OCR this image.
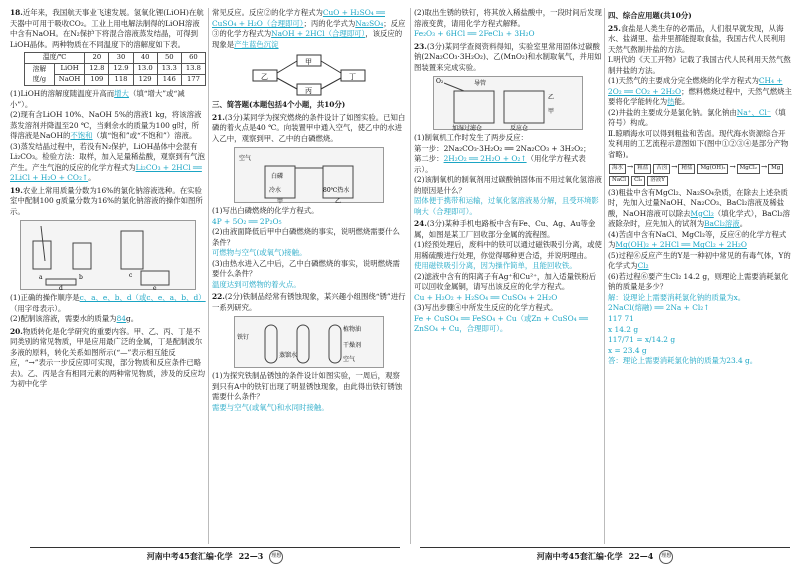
18.近年来，我国航天事业飞速发展。氢氧化锂(LiOH)在航天器中可用于吸收CO₂。工业上用电解法制得的LiOH溶液中含有NaOH。在N₂保护下将混合溶液蒸发结晶，可得到LiOH晶体。两种物质在不同温度下的溶解度如下表。
温度/℃		20	30	40	50	60
溶解度/g	LiOH	12.8	12.9	13.0	13.3	13.8
	NaOH	109	118	129	146	177
(1)LiOH的溶解度随温度升高而增大（填“增大”或“减小”）。
(2)现有含LiOH 10%、NaOH 5%的溶液1 kg，将该溶液蒸发溶剂并降温至20 ℃，当剩余水的质量为100 g时，所得溶液是NaOH的不饱和（填“饱和”或“不饱和”）溶液。
(3)蒸发结晶过程中，若没有N₂保护，LiOH晶体中会混有Li₂CO₃。检验方法：取样，加入足量稀盐酸，观察到有气泡产生。产生气泡的反应的化学方程式为Li₂CO₃ + 2HCl ══ 2LiCl + H₂O + CO₂↑。
19.农业上常用质量分数为16%的氯化钠溶液选种。在实验室中配制100 g质量分数为16%的氯化钠溶液的操作如图所示。
a	b	c
d	e
(1)正确的操作顺序是c、a、e、b、d（或c、e、a、b、d）（用字母表示）。
(2)配制该溶液，需要水的质量为84g。
20.物质转化是化学研究的重要内容。甲、乙、丙、丁是不同类别的常见物质，甲是应用最广泛的金属，丁是配制波尔多液的原料，转化关系如图所示(“—”表示相互能反应，“→”表示一步反应即可实现，部分物质和反应条件已略去)。乙、丙是含有相同元素的两种常见物质，涉及的反应均为初中化学
常见反应。反应②的化学方程式为CuO + H₂SO₄ ══ CuSO₄ + H₂O（合理即可）；丙的化学式为Na₂SO₄；反应③的化学方程式为NaOH + 2HCl（合理即可），该反应的现象是产生蓝色沉淀
甲
乙
丙
丁
三、简答题(本题包括4个小题，共10分)
21.(3分)某同学为探究燃烧的条件设计了如图实验。已知白磷的着火点是40 ℃。向装置甲中通入空气，使乙中的水进入乙中，观察到甲、乙中的白磷燃烧。
空气
白磷
冷水	80℃热水
甲	乙
(1)写出白磷燃烧的化学方程式。
4P + 5O₂ ══ 2P₂O₅
(2)由液面降低后甲中白磷燃烧的事实，说明燃烧需要什么条件？
可燃物与空气(或氧气)接触。
(3)由热水进入乙中后，乙中白磷燃烧的事实，说明燃烧需要什么条件？
温度达到可燃物的着火点。
22.(2分)铁制品经常有锈蚀现象，某兴趣小组围绕“锈”进行一系列研究。
铁钉
蒸馏水
植物油
干燥剂
空气
(1)为探究铁制品锈蚀的条件设计如图实验，一周后，观察到只有A中的铁钉出现了明显锈蚀现象，由此得出铁钉锈蚀需要什么条件？
需要与空气(或氧气)和水同时接触。
(2)取出生锈的铁钉，将其放入稀盐酸中，一段时间后发现溶液变黄，请用化学方程式解释。
Fe₂O₃ + 6HCl ══ 2FeCl₃ + 3H₂O
23.(3分)某同学查阅资料得知，实验室里常用固体过碳酸钠(2Na₂CO₃·3H₂O₂)、乙(MnO₂)和水制取氧气，并用如图装置来完成实验。
导管
乙
甲
O₂
加湿过滤仓	反应仓
(1)制氧机工作时发生了两步反应：
第一步：2Na₂CO₃·3H₂O₂ ══ 2Na₂CO₃ + 3H₂O₂；
第二步：2H₂O₂ ══ 2H₂O + O₂↑（用化学方程式表示）。
(2)该制氧机的制氧剂用过碳酸钠固体而不用过氧化氢溶液的原因是什么？
固体便于携带和运输，过氧化氢溶液易分解，且受环境影响大（合理即可）。
24.(3分)某种手机电路板中含有Fe、Cu、Ag、Au等金属，如图是某工厂回收部分金属的流程图。
(1)经预处理后，废料中的铁可以通过磁铁吸引分离，或使用稀硫酸进行处理，你觉得哪种更合适，并说明理由。
使用磁铁吸引分离，因为操作简单，且能回收铁。
(2)滤液中含有的阳离子有Ag⁺和Cu²⁺，加入适量铁粉后可以回收金属铜，请写出该反应的化学方程式。
Cu + H₂O₂ + H₂SO₄ ══ CuSO₄ + 2H₂O
(3)写出步骤④中所发生反应的化学方程式。
Fe + CuSO₄ ══ FeSO₄ + Cu（或Zn + CuSO₄ ══ ZnSO₄ + Cu，合理即可）。
四、综合应用题(共10分)
25.食盐是人类生存的必需品，人们很早就发现，从海水、盐湖里、盐井里都能提取食盐，我国古代人民利用天然气熬制井盐的方法。
Ⅰ.明代的《天工开物》记载了我国古代人民利用天然气熬制井盐的方法。
(1)天然气的主要成分完全燃烧的化学方程式为CH₄ + 2O₂ ══ CO₂ + 2H₂O；燃料燃烧过程中，天然气燃烧主要将化学能转化为热能。
(2)井盐的主要成分是氯化钠。氯化钠由Na⁺、Cl⁻（填符号）构成。
Ⅱ.晾晒海水可以得到粗盐和苦卤。现代海水资源综合开发利用的工艺流程示意图如下(图中①②③④是部分产物省略)。
海水 → 粗盐 苦卤 → 精盐 Mg(OH)₂ → MgCl₂ → MgNaCl Cl₂ 溶液Y
(3)粗盐中含有MgCl₂、Na₂SO₄杂质，在除去上述杂质时，先加入过量NaOH、Na₂CO₃、BaCl₂溶液及稀盐酸，NaOH溶液可以除去MgCl₂（填化学式），BaCl₂溶液除杂时，应先加入的试剂为BaCl₂溶液。
(4)苦卤中含有NaCl、MgCl₂等，反应④的化学方程式为Mg(OH)₂ + 2HCl ══ MgCl₂ + 2H₂O
(5)过程⑥反应产生的Y是一种初中常见的有毒气体，Y的化学式为Cl₂
(6)若过程⑥要产生Cl₂ 14.2 g，则理论上需要消耗氯化钠的质量是多少？
解：设理论上需要消耗氯化钠的质量为x。
2NaCl(熔融) ══ 2Na + Cl₂↑
117 71
x 14.2 g
117/71 = x/14.2 g
x = 23.4 g
答：理论上需要消耗氯化钠的质量为23.4 g。
河南中考45套汇编·化学 22—3	理想	河南中考45套汇编·化学 22—4	理想
